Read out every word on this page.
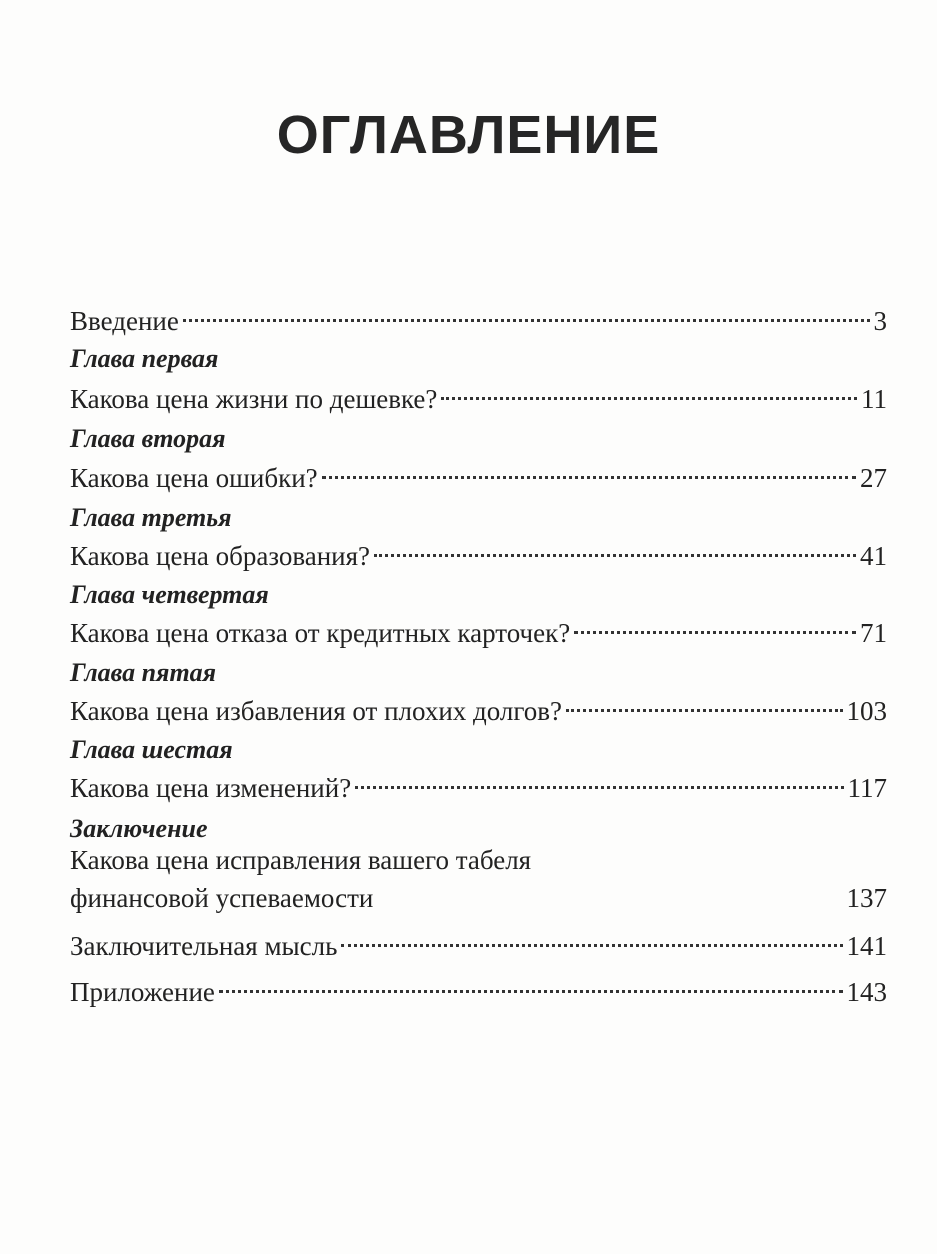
ОГЛАВЛЕНИЕ
Введение	3
Глава первая
Какова цена жизни по дешевке?	11
Глава вторая
Какова цена ошибки?	27
Глава третья
Какова цена образования?	41
Глава четвертая
Какова цена отказа от кредитных карточек?	71
Глава пятая
Какова цена избавления от плохих долгов?	103
Глава шестая
Какова цена изменений?	117
Заключение
Какова цена исправления вашего табеля
финансовой успеваемости	137
Заключительная мысль	141
Приложение	143
